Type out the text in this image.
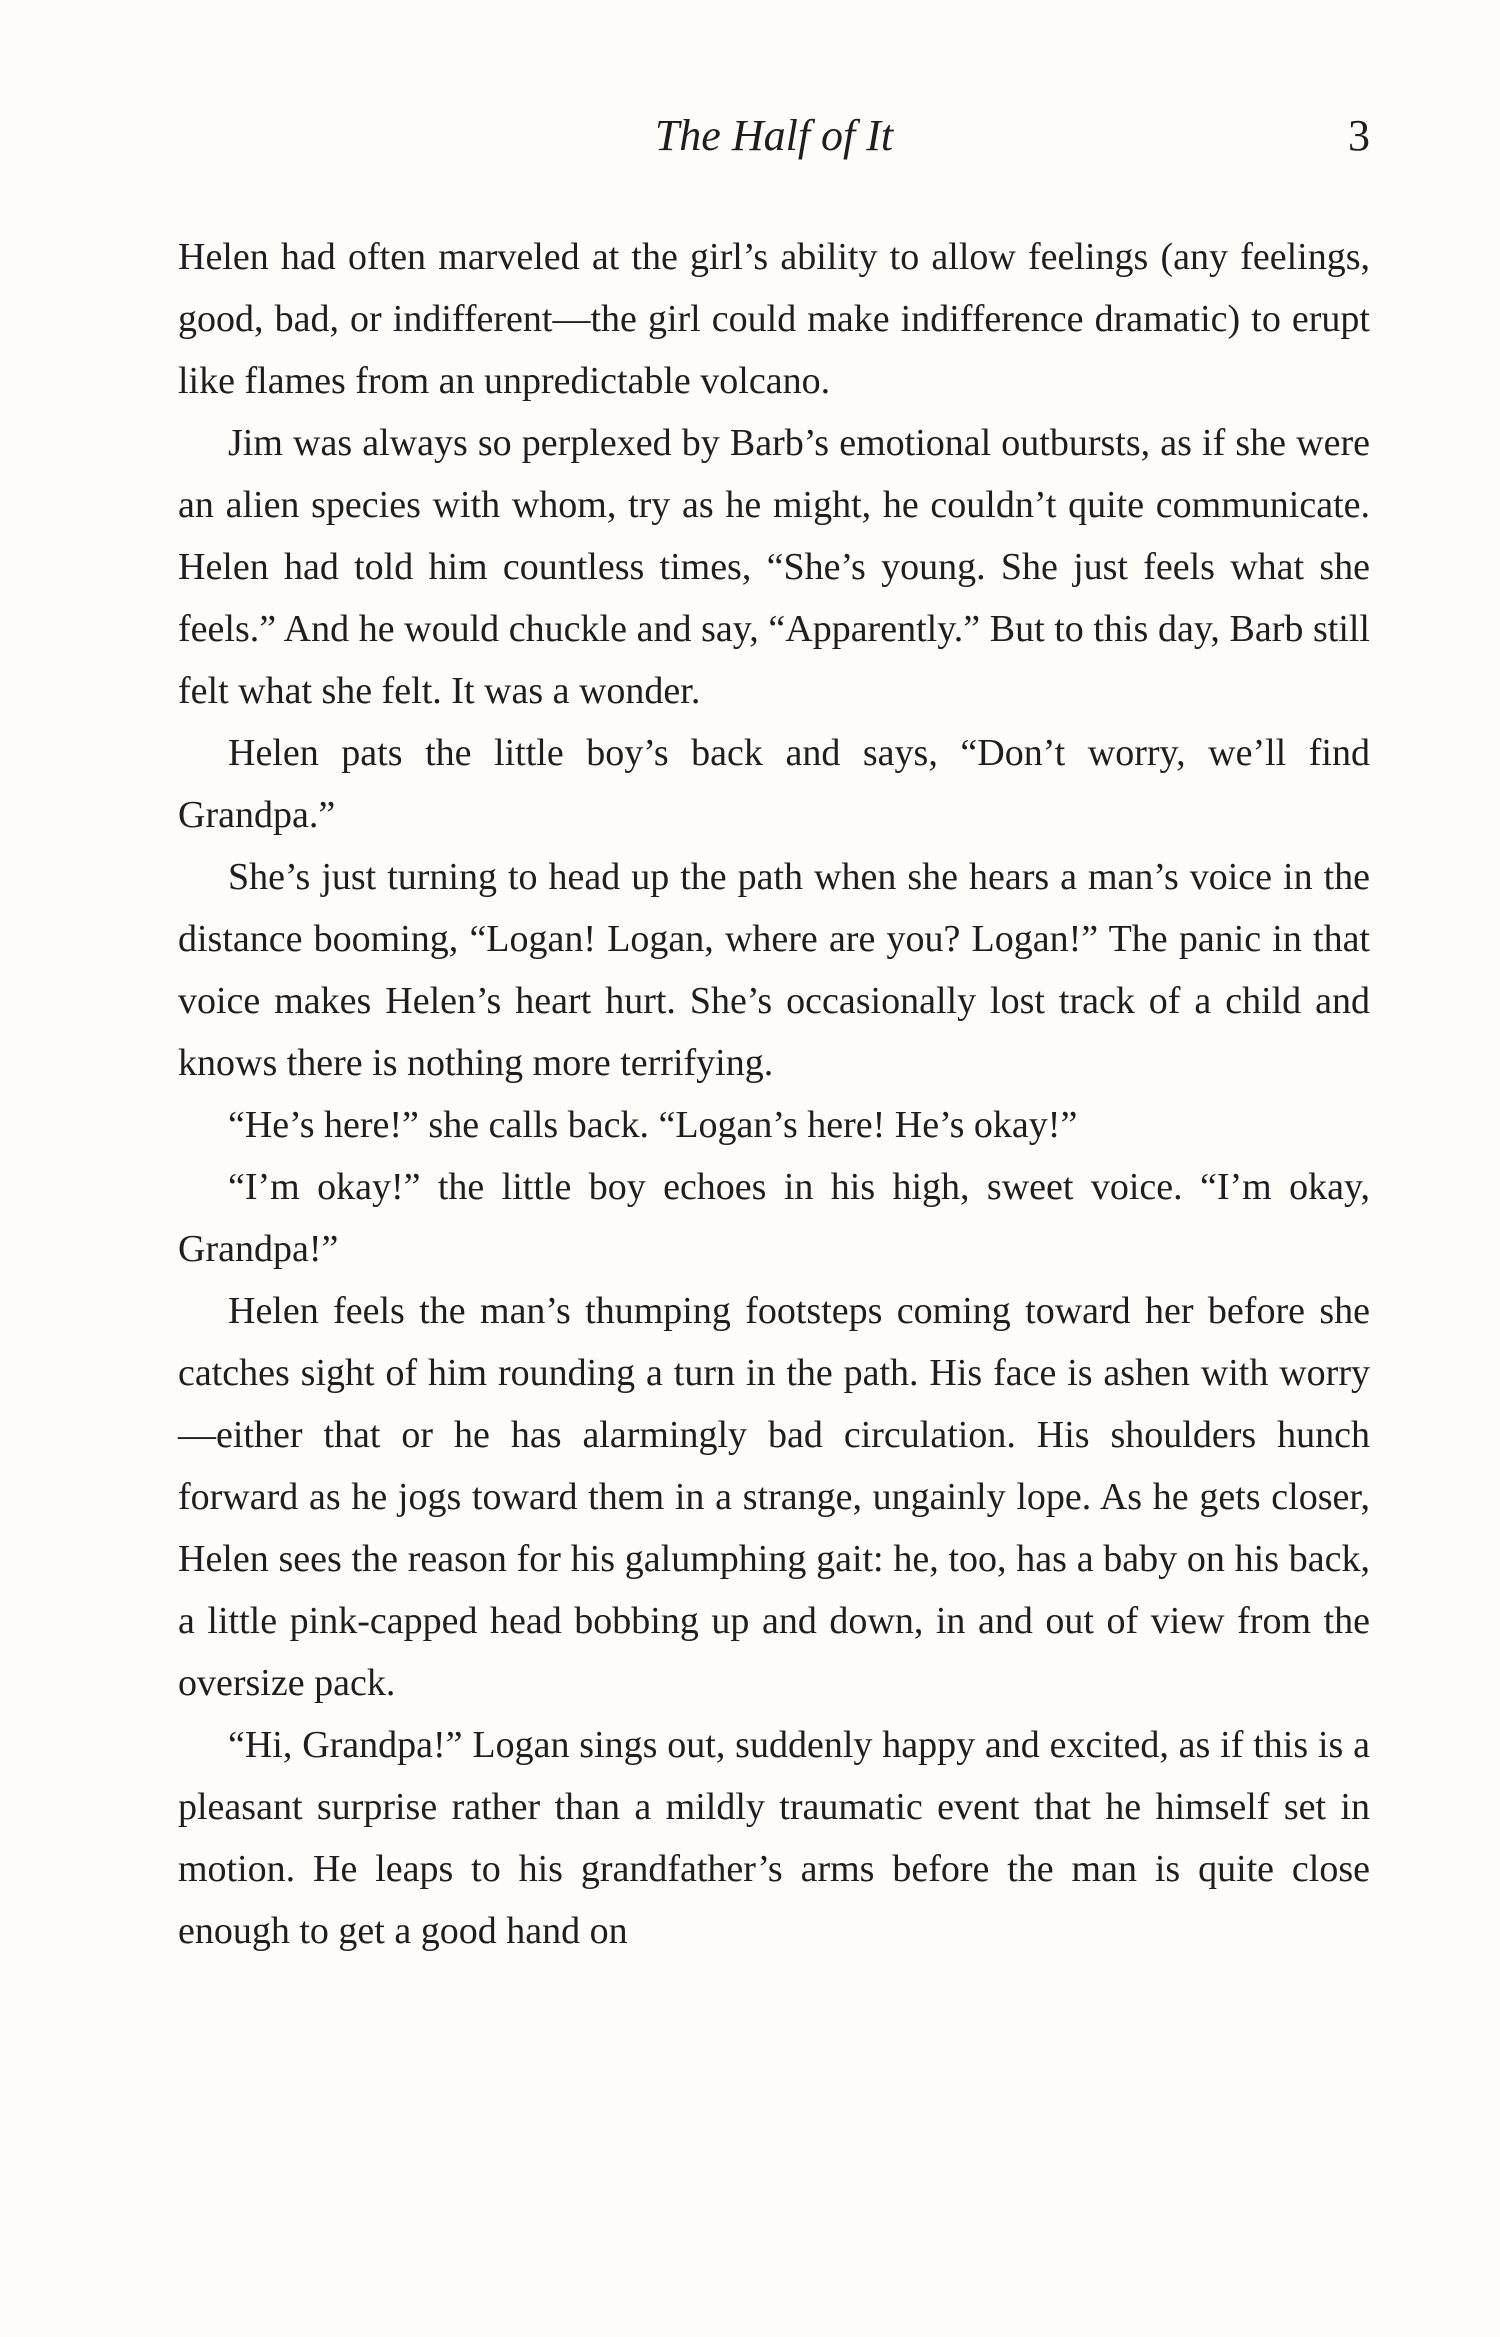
The Half of It	3

Helen had often marveled at the girl’s ability to allow feelings (any feelings, good, bad, or indifferent—the girl could make indifference dramatic) to erupt like flames from an unpredictable volcano.

Jim was always so perplexed by Barb’s emotional outbursts, as if she were an alien species with whom, try as he might, he couldn’t quite communicate. Helen had told him countless times, “She’s young. She just feels what she feels.” And he would chuckle and say, “Apparently.” But to this day, Barb still felt what she felt. It was a wonder.

Helen pats the little boy’s back and says, “Don’t worry, we’ll find Grandpa.”

She’s just turning to head up the path when she hears a man’s voice in the distance booming, “Logan! Logan, where are you? Logan!” The panic in that voice makes Helen’s heart hurt. She’s occasionally lost track of a child and knows there is nothing more terrifying.

“He’s here!” she calls back. “Logan’s here! He’s okay!”

“I’m okay!” the little boy echoes in his high, sweet voice. “I’m okay, Grandpa!”

Helen feels the man’s thumping footsteps coming toward her before she catches sight of him rounding a turn in the path. His face is ashen with worry—either that or he has alarmingly bad circulation. His shoulders hunch forward as he jogs toward them in a strange, ungainly lope. As he gets closer, Helen sees the reason for his galumphing gait: he, too, has a baby on his back, a little pink-capped head bobbing up and down, in and out of view from the oversize pack.

“Hi, Grandpa!” Logan sings out, suddenly happy and excited, as if this is a pleasant surprise rather than a mildly traumatic event that he himself set in motion. He leaps to his grandfather’s arms before the man is quite close enough to get a good hand on
